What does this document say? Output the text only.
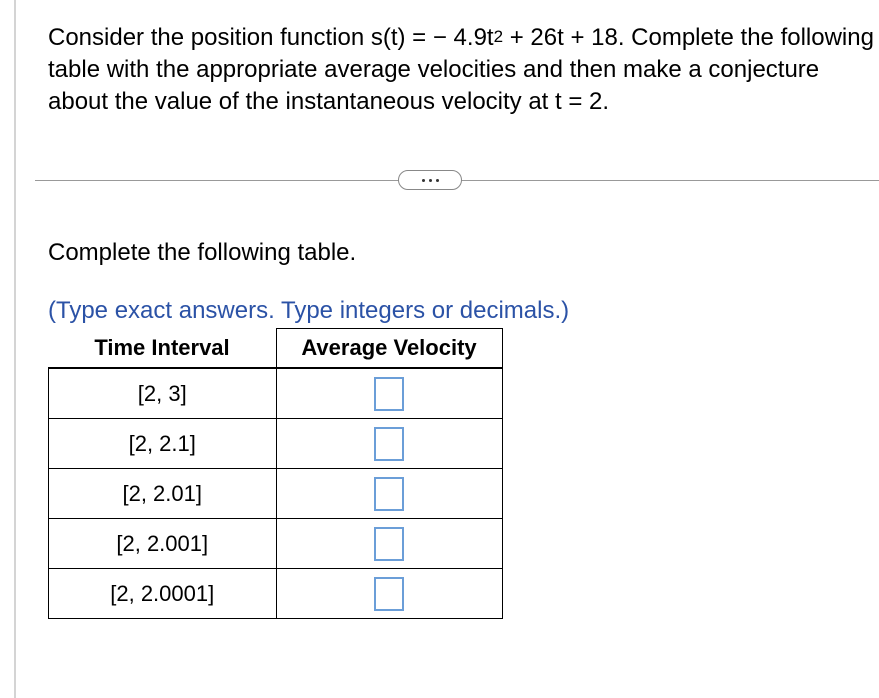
Consider the position function s(t) = − $4.9t^2 + 26t + 18$. Complete the following table with the appropriate average velocities and then make a conjecture about the value of the instantaneous velocity at t = 2.
Complete the following table.
(Type exact answers. Type integers or decimals.)
Time Interval	Average Velocity
[2, 3]	
[2, 2.1]	
[2, 2.01]	
[2, 2.001]	
[2, 2.0001]	
